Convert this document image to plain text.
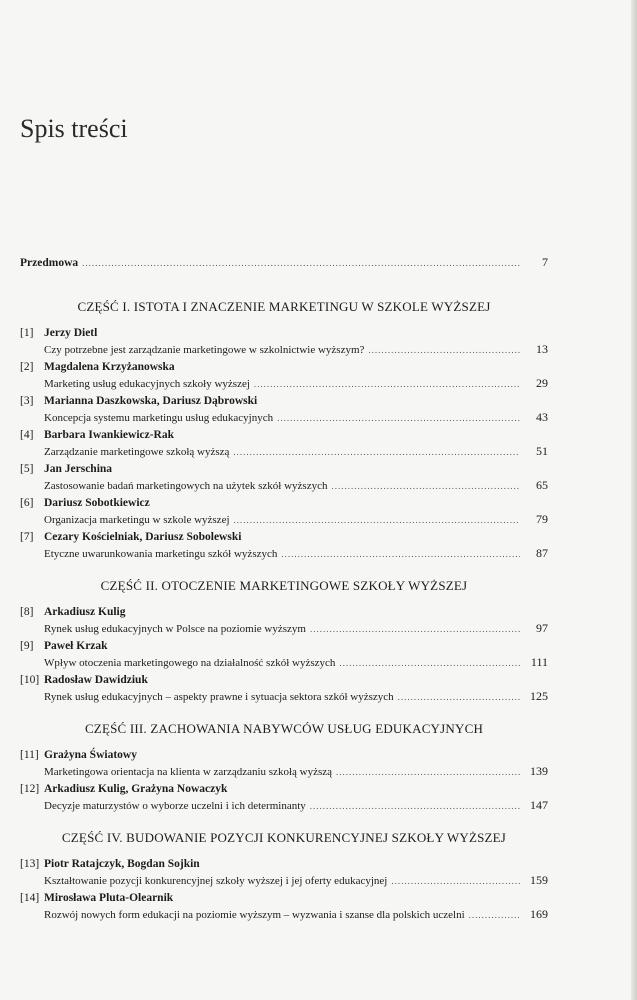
Spis treści
Przedmowa .....	7
CZĘŚĆ I. ISTOTA I ZNACZENIE MARKETINGU W SZKOLE WYŻSZEJ
[1] Jerzy Dietl
Czy potrzebne jest zarządzanie marketingowe w szkolnictwie wyższym? .....	13
[2] Magdalena Krzyżanowska
Marketing usług edukacyjnych szkoły wyższej .....	29
[3] Marianna Daszkowska, Dariusz Dąbrowski
Koncepcja systemu marketingu usług edukacyjnych .....	43
[4] Barbara Iwankiewicz-Rak
Zarządzanie marketingowe szkołą wyższą .....	51
[5] Jan Jerschina
Zastosowanie badań marketingowych na użytek szkół wyższych .....	65
[6] Dariusz Sobotkiewicz
Organizacja marketingu w szkole wyższej .....	79
[7] Cezary Kościelniak, Dariusz Sobolewski
Etyczne uwarunkowania marketingu szkół wyższych .....	87
CZĘŚĆ II. OTOCZENIE MARKETINGOWE SZKOŁY WYŻSZEJ
[8] Arkadiusz Kulig
Rynek usług edukacyjnych w Polsce na poziomie wyższym .....	97
[9] Paweł Krzak
Wpływ otoczenia marketingowego na działalność szkół wyższych .....	111
[10] Radosław Dawidziuk
Rynek usług edukacyjnych – aspekty prawne i sytuacja sektora szkół wyższych .....	125
CZĘŚĆ III. ZACHOWANIA NABYWCÓW USŁUG EDUKACYJNYCH
[11] Grażyna Światowy
Marketingowa orientacja na klienta w zarządzaniu szkołą wyższą .....	139
[12] Arkadiusz Kulig, Grażyna Nowaczyk
Decyzje maturzystów o wyborze uczelni i ich determinanty .....	147
CZĘŚĆ IV. BUDOWANIE POZYCJI KONKURENCYJNEJ SZKOŁY WYŻSZEJ
[13] Piotr Ratajczyk, Bogdan Sojkin
Kształtowanie pozycji konkurencyjnej szkoły wyższej i jej oferty edukacyjnej .....	159
[14] Mirosława Pluta-Olearnik
Rozwój nowych form edukacji na poziomie wyższym – wyzwania i szanse dla polskich uczelni .....	169
